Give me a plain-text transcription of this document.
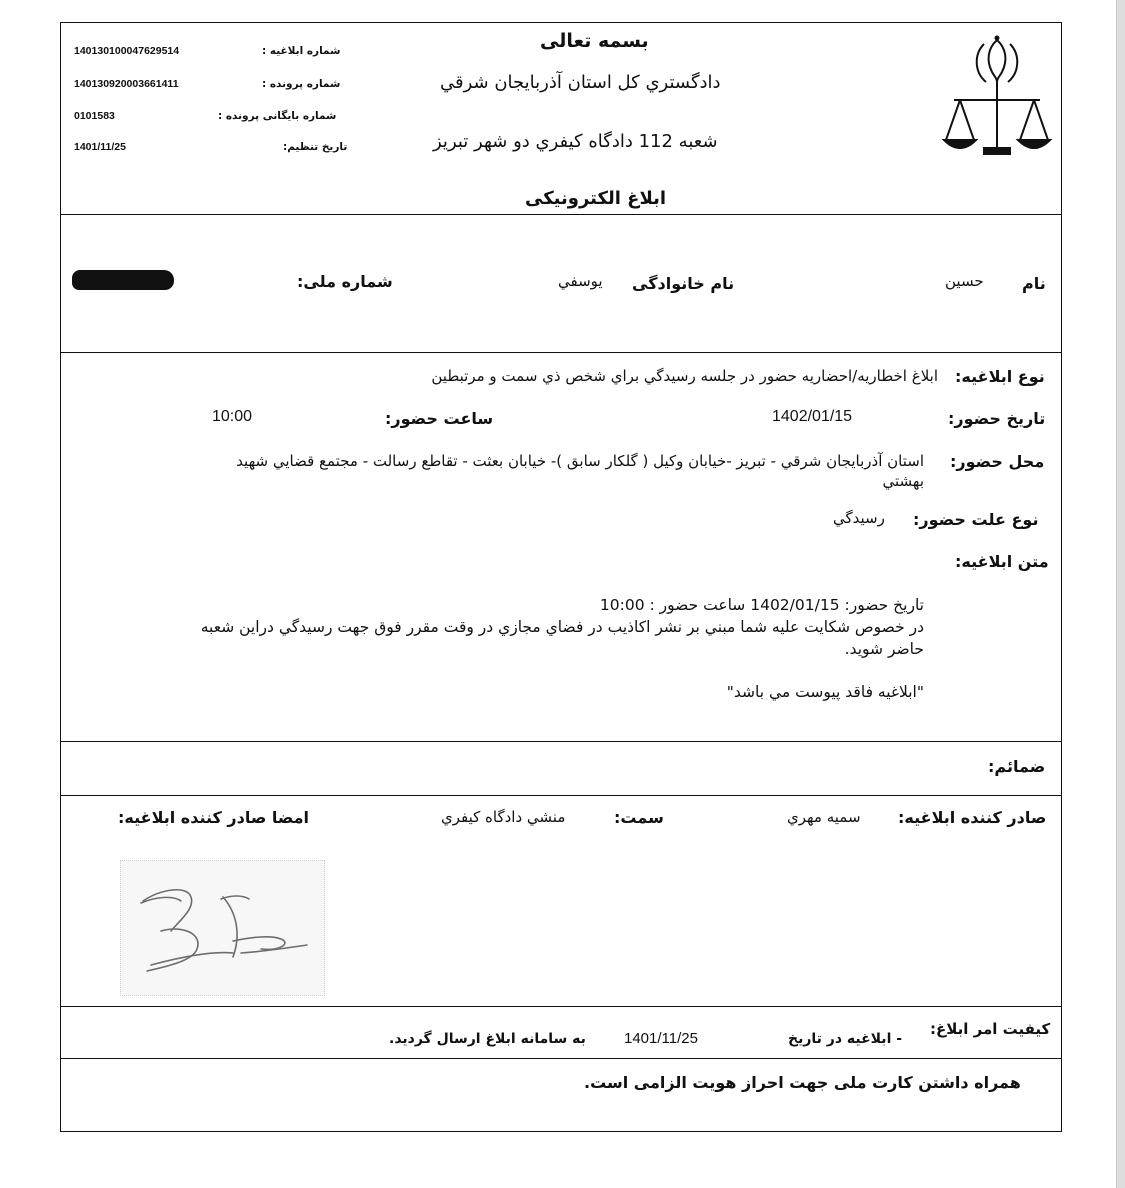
بسمه تعالی
دادگستري كل استان آذربايجان شرقي
شعبه 112 دادگاه كيفري دو شهر تبريز
ابلاغ الكترونيكی
140130100047629514	شماره ابلاغیه :
140130920003661411	شماره پرونده :
0101583	شماره بایگانی پرونده :
1401/11/25	تاریخ تنظیم:
نام
حسين
نام خانوادگی
يوسفي
شماره ملی:
نوع ابلاغیه:
ابلاغ اخطاريه/احضاريه حضور در جلسه رسيدگي براي شخص ذي سمت و مرتبطين
تاریخ حضور:
1402/01/15
ساعت حضور:
10:00
محل حضور:
استان آذربايجان شرقي - تبريز -خيابان وكيل ( گلكار سابق )- خيابان بعثت - تقاطع رسالت - مجتمع قضايي شهيد
بهشتي
نوع علت حضور:
رسيدگي
متن ابلاغیه:
تاريخ حضور: 1402/01/15 ساعت حضور : 10:00
در خصوص شكايت عليه شما مبني بر نشر اكاذيب در فضاي مجازي در وقت مقرر فوق جهت رسيدگي دراين شعبه
حاضر شويد.
"ابلاغيه فاقد پيوست مي باشد"
ضمائم:
صادر کننده ابلاغیه:
سميه مهري
سمت:
منشي دادگاه كيفري
امضا صادر کننده ابلاغیه:
کیفیت امر ابلاغ:
- ابلاغیه در تاریخ
1401/11/25
به سامانه ابلاغ ارسال گردید.
همراه داشتن کارت ملی جهت احراز هویت الزامی است.
